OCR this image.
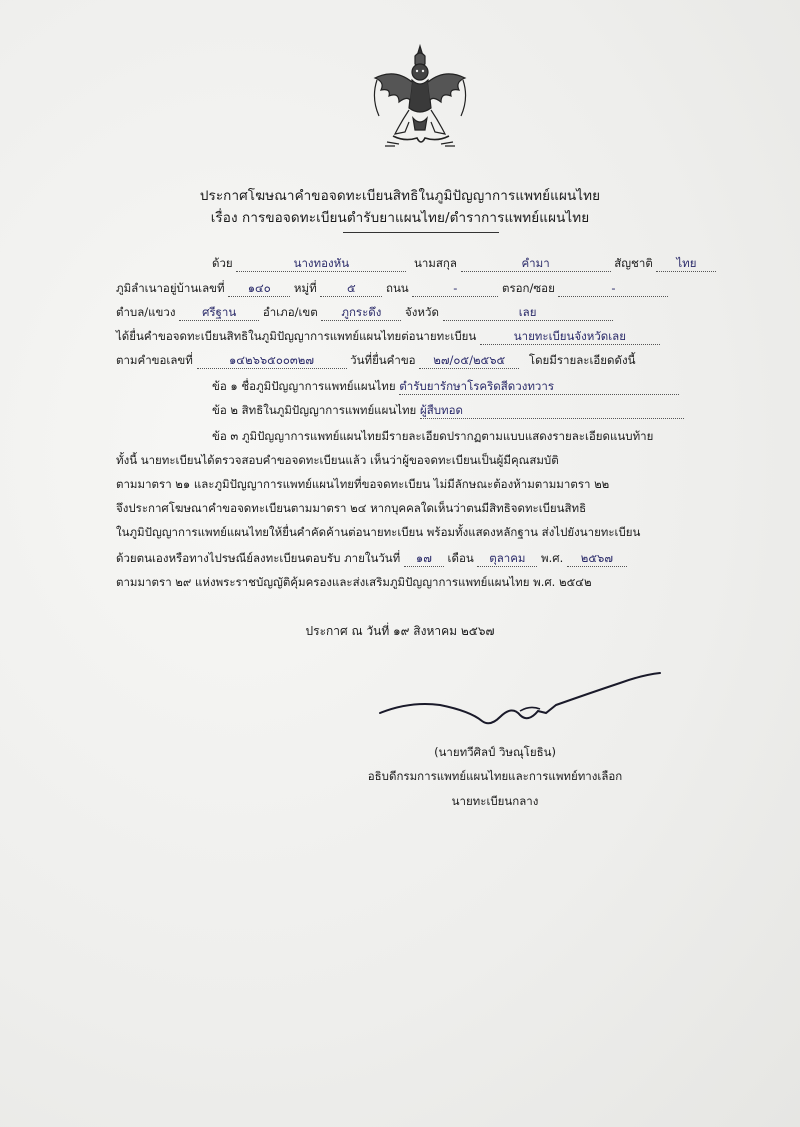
ประกาศโฆษณาคำขอจดทะเบียนสิทธิในภูมิปัญญาการแพทย์แผนไทย
เรื่อง การขอจดทะเบียนตำรับยาแผนไทย/ตำราการแพทย์แผนไทย
ด้วย	นางทองหัน	นามสกุล	คำมา	สัญชาติ ไทย
ภูมิลำเนาอยู่บ้านเลขที่ ๑๔๐ หมู่ที่	๕	ถนน	-	ตรอก/ซอย	-
ตำบล/แขวง ศรีฐาน อำเภอ/เขต ภูกระดึง จังหวัด	เลย
ได้ยื่นคำขอจดทะเบียนสิทธิในภูมิปัญญาการแพทย์แผนไทยต่อนายทะเบียน	นายทะเบียนจังหวัดเลย
ตามคำขอเลขที่	๑๔๒๖๖๕๐๐๓๒๗	วันที่ยื่นคำขอ ๒๗/๐๕/๒๕๖๕ โดยมีรายละเอียดดังนี้
ข้อ ๑ ชื่อภูมิปัญญาการแพทย์แผนไทย ตำรับยารักษาโรคริดสีดวงทวาร
ข้อ ๒ สิทธิในภูมิปัญญาการแพทย์แผนไทย ผู้สืบทอด
ข้อ ๓ ภูมิปัญญาการแพทย์แผนไทยมีรายละเอียดปรากฏตามแบบแสดงรายละเอียดแนบท้าย
ทั้งนี้ นายทะเบียนได้ตรวจสอบคำขอจดทะเบียนแล้ว เห็นว่าผู้ขอจดทะเบียนเป็นผู้มีคุณสมบัติ
ตามมาตรา ๒๑ และภูมิปัญญาการแพทย์แผนไทยที่ขอจดทะเบียน ไม่มีลักษณะต้องห้ามตามมาตรา ๒๒
จึงประกาศโฆษณาคำขอจดทะเบียนตามมาตรา ๒๔ หากบุคคลใดเห็นว่าตนมีสิทธิจดทะเบียนสิทธิ
ในภูมิปัญญาการแพทย์แผนไทยให้ยื่นคำคัดค้านต่อนายทะเบียน พร้อมทั้งแสดงหลักฐาน ส่งไปยังนายทะเบียน
ด้วยตนเองหรือทางไปรษณีย์ลงทะเบียนตอบรับ ภายในวันที่ ๑๗ เดือน ตุลาคม พ.ศ. ๒๕๖๗
ตามมาตรา ๒๙ แห่งพระราชบัญญัติคุ้มครองและส่งเสริมภูมิปัญญาการแพทย์แผนไทย พ.ศ. ๒๕๔๒
ประกาศ ณ วันที่ ๑๙ สิงหาคม ๒๕๖๗
(นายทวีศิลป์ วิษณุโยธิน)
อธิบดีกรมการแพทย์แผนไทยและการแพทย์ทางเลือก
นายทะเบียนกลาง
